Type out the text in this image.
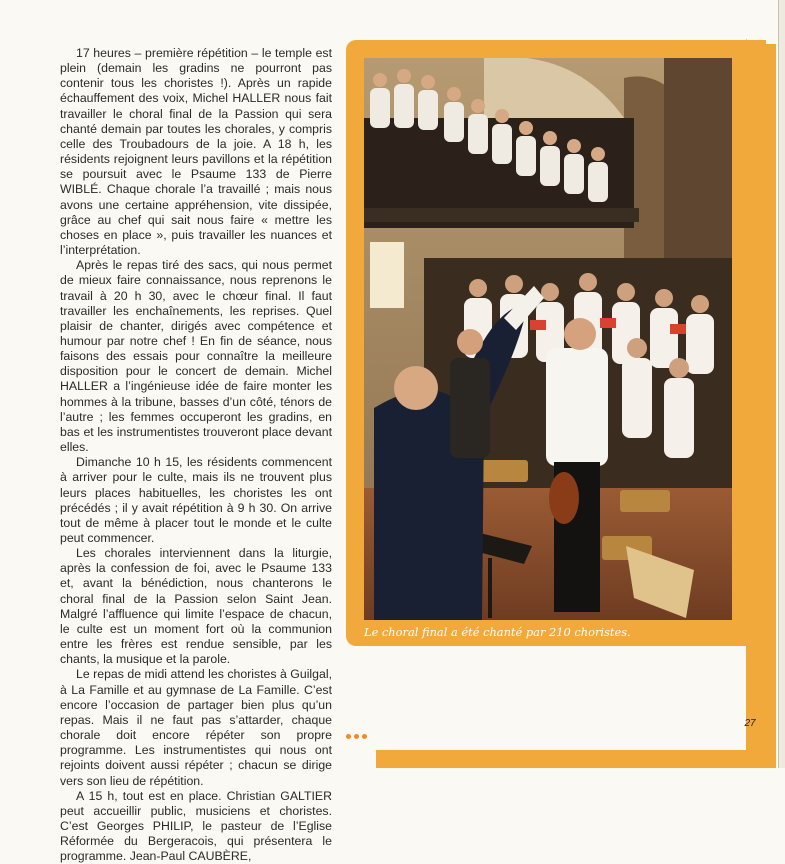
17 heures – première répétition – le temple est plein (demain les gradins ne pourront pas contenir tous les choristes !). Après un rapide échauffement des voix, Michel HALLER nous fait travailler le choral final de la Passion qui sera chanté demain par toutes les chorales, y compris celle des Troubadours de la joie. A 18 h, les résidents rejoignent leurs pavillons et la répétition se poursuit avec le Psaume 133 de Pierre WIBLÉ. Chaque chorale l’a travaillé ; mais nous avons une certaine appréhension, vite dissipée, grâce au chef qui sait nous faire « mettre les choses en place », puis travailler les nuances et l’interprétation.

Après le repas tiré des sacs, qui nous permet de mieux faire connaissance, nous reprenons le travail à 20 h 30, avec le chœur final. Il faut travailler les enchaînements, les reprises. Quel plaisir de chanter, dirigés avec compétence et humour par notre chef ! En fin de séance, nous faisons des essais pour connaître la meilleure disposition pour le concert de demain. Michel HALLER a l’ingénieuse idée de faire monter les hommes à la tribune, basses d’un côté, ténors de l’autre ; les femmes occuperont les gradins, en bas et les instrumentistes trouveront place devant elles.

Dimanche 10 h 15, les résidents commencent à arriver pour le culte, mais ils ne trouvent plus leurs places habituelles, les choristes les ont précédés ; il y avait répétition à 9 h 30. On arrive tout de même à placer tout le monde et le culte peut commencer.

Les chorales interviennent dans la liturgie, après la confession de foi, avec le Psaume 133 et, avant la bénédiction, nous chanterons le choral final de la Passion selon Saint Jean. Malgré l’affluence qui limite l’espace de chacun, le culte est un moment fort où la communion entre les frères est rendue sensible, par les chants, la musique et la parole.

Le repas de midi attend les choristes à Guilgal, à La Famille et au gymnase de La Famille. C’est encore l’occasion de partager bien plus qu’un repas. Mais il ne faut pas s’attarder, chaque chorale doit encore répéter son propre programme. Les instrumentistes qui nous ont rejoints doivent aussi répéter ; chacun se dirige vers son lieu de répétition.

A 15 h, tout est en place. Christian GALTIER peut accueillir public, musiciens et choristes. C’est Georges PHILIP, le pasteur de l’Eglise Réformée du Bergeracois, qui présentera le programme. Jean-Paul CAUBÈRE,

Le choral final a été chanté par 210 choristes.
27
